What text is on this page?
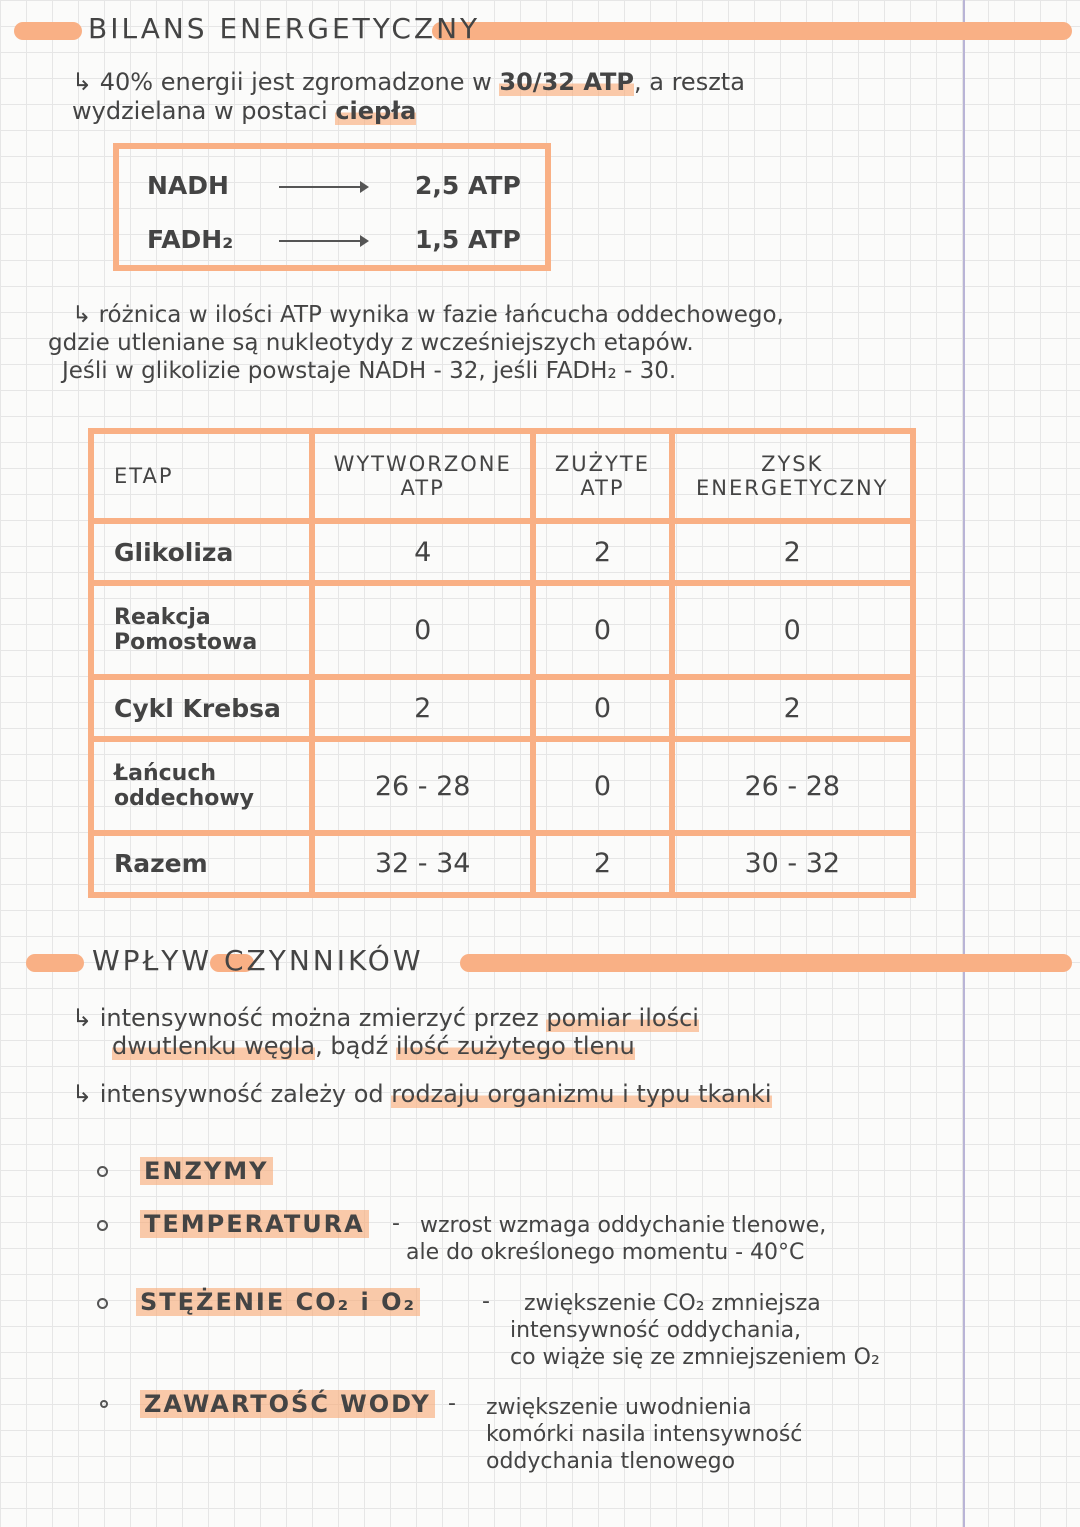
BILANS ENERGETYCZNY
↳ 40% energii jest zgromadzone w 30/32 ATP, a reszta
wydzielana w postaci ciepła
NADH	2,5 ATP
FADH₂	1,5 ATP
↳ różnica w ilości ATP wynika w fazie łańcucha oddechowego,
gdzie utleniane są nukleotydy z wcześniejszych etapów.
Jeśli w glikolizie powstaje NADH - 32, jeśli FADH₂ - 30.
ETAP	WYTWORZONE ATP	ZUŻYTE ATP	ZYSK ENERGETYCZNY
Glikoliza	4	2	2
Reakcja Pomostowa	0	0	0
Cykl Krebsa	2	0	2
Łańcuch oddechowy	26 - 28	0	26 - 28
Razem	32 - 34	2	30 - 32
WPŁYW CZYNNIKÓW
↳ intensywność można zmierzyć przez pomiar ilości
dwutlenku węgla, bądź ilość zużytego tlenu
↳ intensywność zależy od rodzaju organizmu i typu tkanki
ENZYMY
TEMPERATURA - wzrost wzmaga oddychanie tlenowe,
ale do określonego momentu - 40°C
STĘŻENIE CO₂ i O₂	- zwiększenie CO₂ zmniejsza
intensywność oddychania,
co wiąże się ze zmniejszeniem O₂
ZAWARTOŚĆ WODY - zwiększenie uwodnienia
komórki nasila intensywność
oddychania tlenowego
